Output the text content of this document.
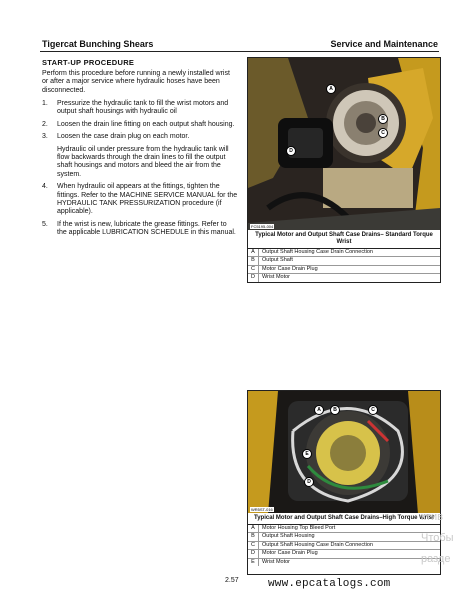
Tigercat Bunching Shears	Service and Maintenance
START-UP PROCEDURE
Perform this procedure before running a newly installed wrist or after a major service where hydraulic hoses have been disconnected.
1. Pressurize the hydraulic tank to fill the wrist motors and output shaft housings with hydraulic oil
2. Loosen the drain line fitting on each output shaft housing.
3. Loosen the case drain plug on each motor.
Hydraulic oil under pressure from the hydraulic tank will flow backwards through the drain lines to fill the output shaft housings and motors and bleed the air from the system.
4. When hydraulic oil appears at the fittings, tighten the fittings. Refer to the MACHINE SERVICE MANUAL for the HYDRAULIC TANK PRESSURIZATION procedure (if applicable).
5. If the wrist is new, lubricate the grease fittings. Refer to the applicable LUBRICATION SCHEDULE in this manual.
A
B
C
D
FC5195-004
Typical Motor and Output Shaft Case Drains– Standard Torque Wrist
A	Output Shaft Housing Case Drain Connection
B	Output Shaft
C	Motor Case Drain Plug
D	Wrist Motor
A	B	C
D
E
WR5ST-016
Typical Motor and Output Shaft Case Drains–High Torque Wrist
A	Motor Housing Top Bleed Port
B	Output Shaft Housing
C	Output Shaft Housing Case Drain Connection
D	Motor Case Drain Plug
E	Wrist Motor
ктив
Чтобы
разде
2.57	www.epcatalogs.com
